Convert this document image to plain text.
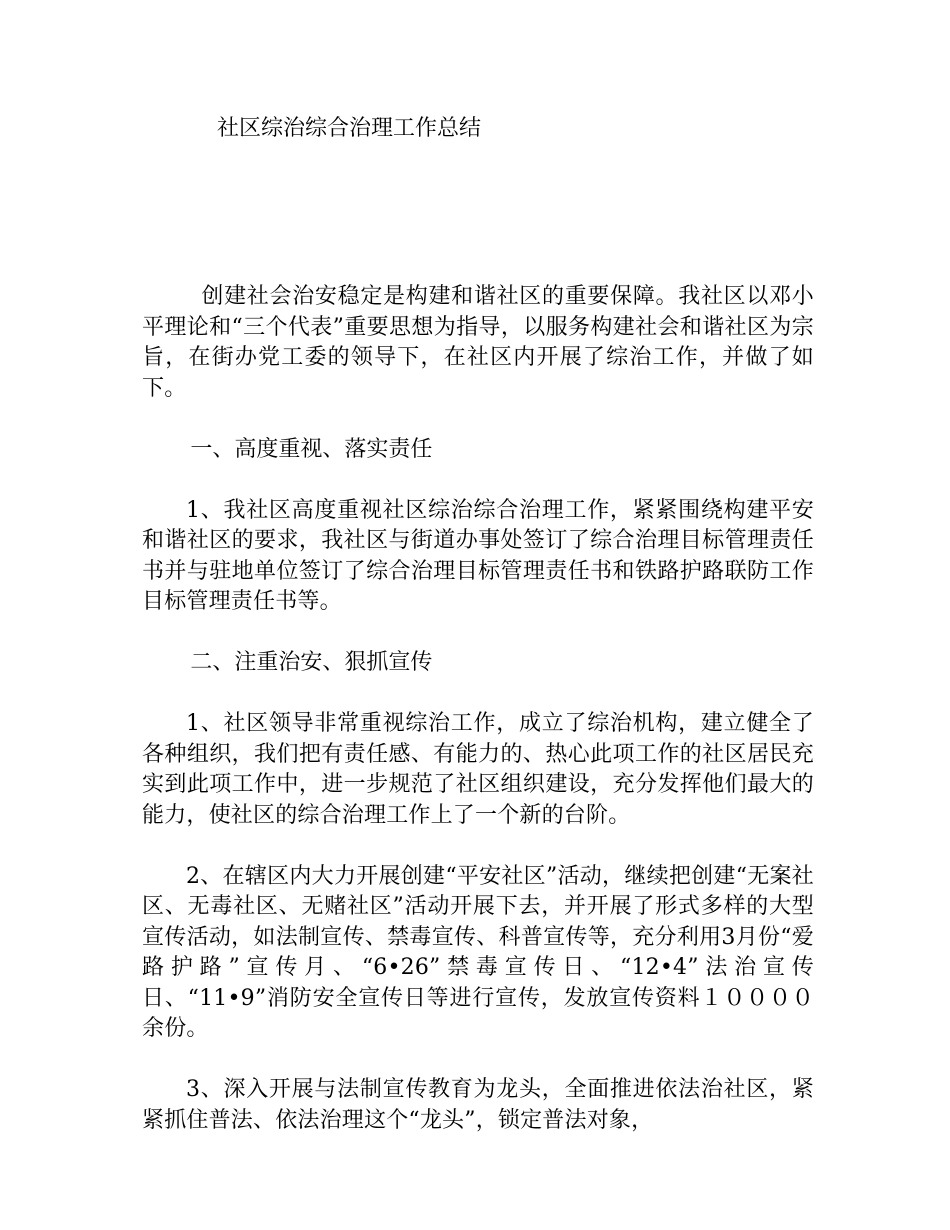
社区综治综合治理工作总结

创建社会治安稳定是构建和谐社区的重要保障。我社区以邓小平理论和“三个代表”重要思想为指导，以服务构建社会和谐社区为宗旨，在街办党工委的领导下，在社区内开展了综治工作，并做了如下。

一、高度重视、落实责任

1、我社区高度重视社区综治综合治理工作，紧紧围绕构建平安和谐社区的要求，我社区与街道办事处签订了综合治理目标管理责任书并与驻地单位签订了综合治理目标管理责任书和铁路护路联防工作目标管理责任书等。

二、注重治安、狠抓宣传

1、社区领导非常重视综治工作，成立了综治机构，建立健全了各种组织，我们把有责任感、有能力的、热心此项工作的社区居民充实到此项工作中，进一步规范了社区组织建设，充分发挥他们最大的能力，使社区的综合治理工作上了一个新的台阶。

2、在辖区内大力开展创建“平安社区”活动，继续把创建“无案社区、无毒社区、无赌社区”活动开展下去，并开展了形式多样的大型宣传活动，如法制宣传、禁毒宣传、科普宣传等，充分利用3月份“爱路护路”宣传月、“6•26”禁毒宣传日、“12•4”法治宣传日、“11•9”消防安全宣传日等进行宣传，发放宣传资料１００００余份。

3、深入开展与法制宣传教育为龙头，全面推进依法治社区，紧紧抓住普法、依法治理这个“龙头”，锁定普法对象，
